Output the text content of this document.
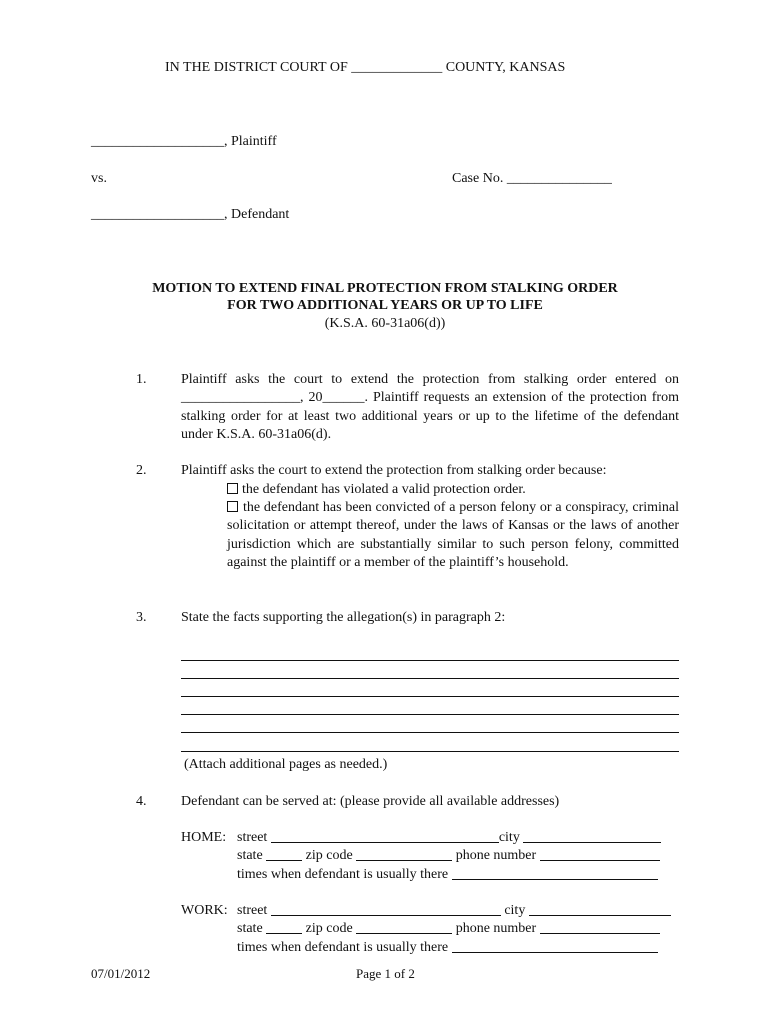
IN THE DISTRICT COURT OF _____________ COUNTY, KANSAS
___________________, Plaintiff
vs.	Case No. _______________
___________________, Defendant
MOTION TO EXTEND FINAL PROTECTION FROM STALKING ORDER
FOR TWO ADDITIONAL YEARS OR UP TO LIFE
(K.S.A. 60-31a06(d))
1. Plaintiff asks the court to extend the protection from stalking order entered on _________________, 20______. Plaintiff requests an extension of the protection from stalking order for at least two additional years or up to the lifetime of the defendant under K.S.A. 60-31a06(d).
2. Plaintiff asks the court to extend the protection from stalking order because:
the defendant has violated a valid protection order.
the defendant has been convicted of a person felony or a conspiracy, criminal solicitation or attempt thereof, under the laws of Kansas or the laws of another jurisdiction which are substantially similar to such person felony, committed against the plaintiff or a member of the plaintiff’s household.
3. State the facts supporting the allegation(s) in paragraph 2:
(Attach additional pages as needed.)
4. Defendant can be served at: (please provide all available addresses)
HOME: street	city
state	zip code	phone number
times when defendant is usually there
WORK: street	city
state	zip code	phone number
times when defendant is usually there
07/01/2012	Page 1 of 2
